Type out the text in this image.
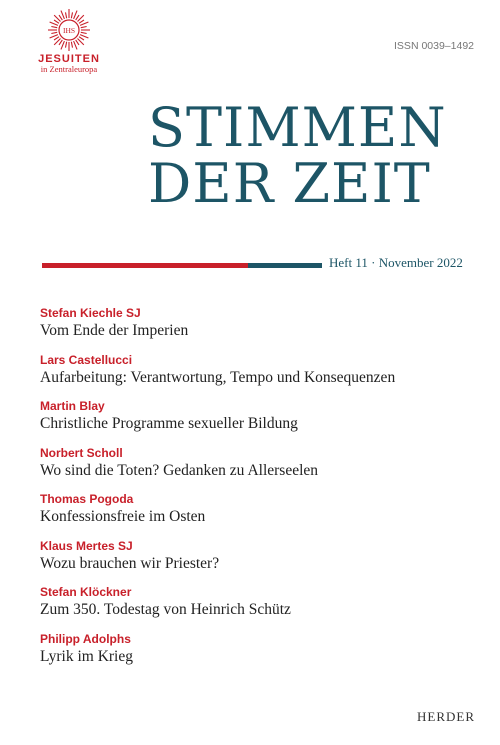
IHS
JESUITEN
in Zentraleuropa
ISSN 0039–1492
STIMMEN
DER ZEIT
Heft 11 · November 2022
Stefan Kiechle SJ
Vom Ende der Imperien
Lars Castellucci
Aufarbeitung: Verantwortung, Tempo und Konsequenzen
Martin Blay
Christliche Programme sexueller Bildung
Norbert Scholl
Wo sind die Toten? Gedanken zu Allerseelen
Thomas Pogoda
Konfessionsfreie im Osten
Klaus Mertes SJ
Wozu brauchen wir Priester?
Stefan Klöckner
Zum 350. Todestag von Heinrich Schütz
Philipp Adolphs
Lyrik im Krieg
HERDER
